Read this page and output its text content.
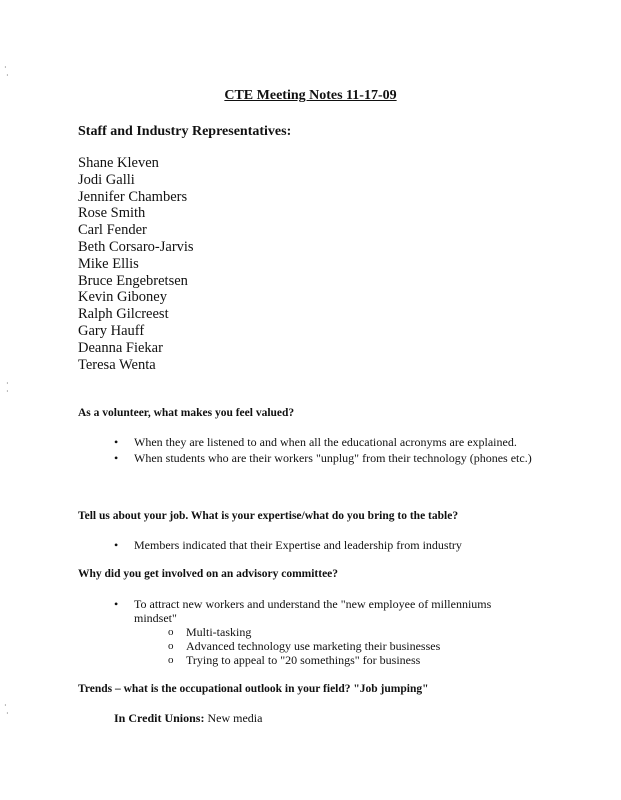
·
·
·
·
·
·
CTE Meeting Notes 11-17-09
Staff and Industry Representatives:
Shane Kleven
Jodi Galli
Jennifer Chambers
Rose Smith
Carl Fender
Beth Corsaro-Jarvis
Mike Ellis
Bruce Engebretsen
Kevin Giboney
Ralph Gilcreest
Gary Hauff
Deanna Fiekar
Teresa Wenta
As a volunteer, what makes you feel valued?
• When they are listened to and when all the educational acronyms are explained.
• When students who are their workers "unplug" from their technology (phones etc.)
Tell us about your job. What is your expertise/what do you bring to the table?
• Members indicated that their Expertise and leadership from industry
Why did you get involved on an advisory committee?
• To attract new workers and understand the "new employee of millenniums mindset"
o Multi-tasking
o Advanced technology use marketing their businesses
o Trying to appeal to "20 somethings" for business
Trends – what is the occupational outlook in your field? "Job jumping"
In Credit Unions: New media
